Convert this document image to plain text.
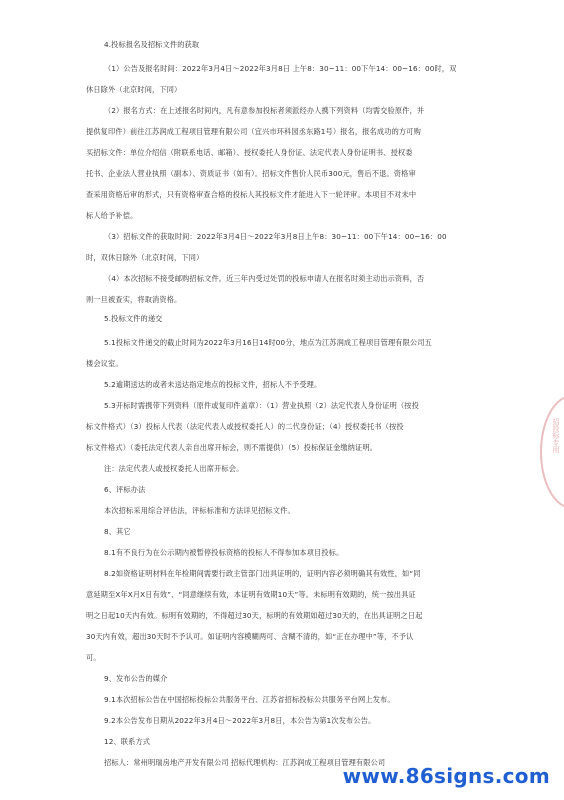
4.投标报名及招标文件的获取
（1）公告及报名时间：2022年3月4日～2022年3月8日 上午8：30~11：00下午14：00~16：00时，双
休日除外（北京时间，下同）
（2）报名方式：在上述报名时间内，凡有意参加投标者须派经办人携下列资料（均需交验原件，并
提供复印件）前往江苏润成工程项目管理有限公司（宜兴市环科园丞东路1号）报名，报名成功的方可购
买招标文件：单位介绍信（附联系电话、邮箱）、授权委托人身份证、法定代表人身份证明书、授权委
托书、企业法人营业执照（副本）、资质证书（如有）。招标文件售价人民币300元，售后不退。资格审
查采用资格后审的形式，只有资格审查合格的投标人其投标文件才能进入下一轮评审。本项目不对未中
标人给予补偿。
（3）招标文件的获取时间：2022年3月4日～2022年3月8日上午8：30~11：00下午14：00~16：00
时，双休日除外（北京时间，下同）
（4）本次招标不接受邮购招标文件。近三年内受过处罚的投标申请人在报名时须主动出示资料，否
则一旦被查实，将取消资格。
5.投标文件的递交
5.1投标文件递交的截止时间为2022年3月16日14时00分，地点为江苏润成工程项目管理有限公司五
楼会议室。
5.2逾期送达的或者未送达指定地点的投标文件，招标人不予受理。
5.3开标时需携带下列资料（原件或复印件盖章）：（1）营业执照（2）法定代表人身份证明（按投
标文件格式）（3）投标人代表（法定代表人或授权委托人）的二代身份证；（4）授权委托书（按投
标文件格式）（委托法定代表人亲自出席开标会，则不需提供）（5）投标保证金缴纳证明。
注：法定代表人或授权委托人出席开标会。
6、评标办法
本次招标采用综合评估法，评标标准和方法详见招标文件。
8、其它
8.1有不良行为在公示期内被暂停投标资格的投标人不得参加本项目投标。
8.2如资格证明材料在年检期间需要行政主管部门出具证明的，证明内容必须明确其有效性，如“同
意延期至X年X月X日有效”、“同意继续有效，本证明有效期10天”等。未标明有效期的，统一按出具证
明之日起10天内有效。标明有效期的，不得超过30天，标明的有效期如超过30天的，在出具证明之日起
30天内有效，超出30天时不予认可。如证明内容模糊两可、含糊不清的，如“正在办理中”等，不予认
可。
9、发布公告的媒介
9.1本次招标公告在中国招标投标公共服务平台、江苏省招标投标公共服务平台网上发布。
9.2本公告发布日期从2022年3月4日～2022年3月8日，本公告为第1次发布公告。
12、联系方式
招标人：常州明瑞房地产开发有限公司 招标代理机构：江苏润成工程项目管理有限公司
招投标专用
www.86signs.com
